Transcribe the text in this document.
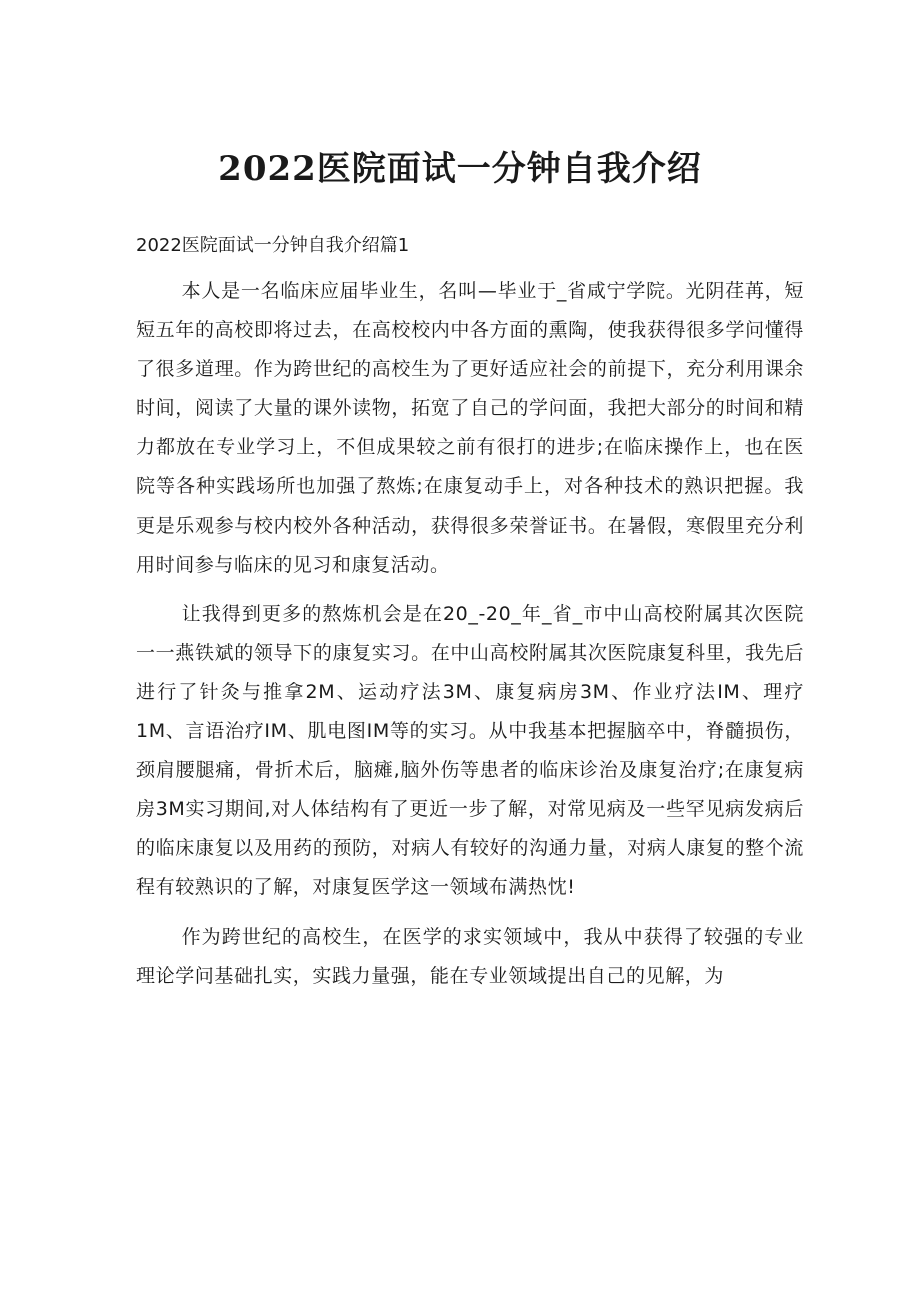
2022医院面试一分钟自我介绍

2022医院面试一分钟自我介绍篇1

本人是一名临床应届毕业生，名叫—毕业于_省咸宁学院。光阴荏苒，短短五年的高校即将过去，在高校校内中各方面的熏陶，使我获得很多学问懂得了很多道理。作为跨世纪的高校生为了更好适应社会的前提下，充分利用课余时间，阅读了大量的课外读物，拓宽了自己的学问面，我把大部分的时间和精力都放在专业学习上，不但成果较之前有很打的进步;在临床操作上，也在医院等各种实践场所也加强了熬炼;在康复动手上，对各种技术的熟识把握。我更是乐观参与校内校外各种活动，获得很多荣誉证书。在暑假，寒假里充分利用时间参与临床的见习和康复活动。

让我得到更多的熬炼机会是在20_-20_年_省_市中山高校附属其次医院一一燕铁斌的领导下的康复实习。在中山高校附属其次医院康复科里，我先后进行了针灸与推拿2M、运动疗法3M、康复病房3M、作业疗法IM、理疗1M、言语治疗IM、肌电图IM等的实习。从中我基本把握脑卒中，脊髓损伤，颈肩腰腿痛，骨折术后，脑瘫,脑外伤等患者的临床诊治及康复治疗;在康复病房3M实习期间,对人体结构有了更近一步了解，对常见病及一些罕见病发病后的临床康复以及用药的预防，对病人有较好的沟通力量，对病人康复的整个流程有较熟识的了解，对康复医学这一领域布满热忱!

作为跨世纪的高校生，在医学的求实领域中，我从中获得了较强的专业理论学问基础扎实，实践力量强，能在专业领域提出自己的见解，为
